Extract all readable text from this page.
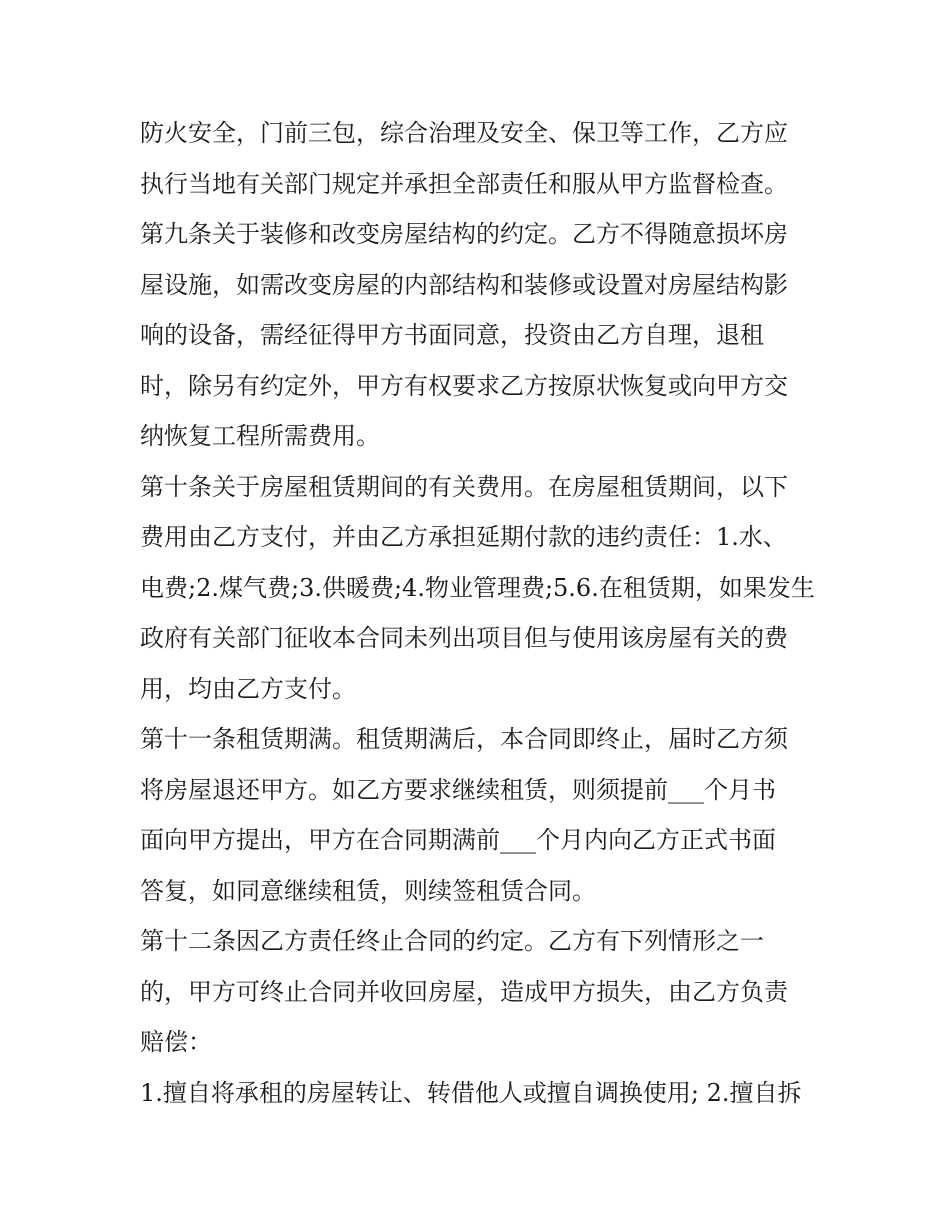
防火安全，门前三包，综合治理及安全、保卫等工作，乙方应
执行当地有关部门规定并承担全部责任和服从甲方监督检查。
第九条关于装修和改变房屋结构的约定。乙方不得随意损坏房
屋设施，如需改变房屋的内部结构和装修或设置对房屋结构影
响的设备，需经征得甲方书面同意，投资由乙方自理，退租
时，除另有约定外，甲方有权要求乙方按原状恢复或向甲方交
纳恢复工程所需费用。
第十条关于房屋租赁期间的有关费用。在房屋租赁期间，以下
费用由乙方支付，并由乙方承担延期付款的违约责任：1.水、
电费;2.煤气费;3.供暖费;4.物业管理费;5.6.在租赁期，如果发生
政府有关部门征收本合同未列出项目但与使用该房屋有关的费
用，均由乙方支付。
第十一条租赁期满。租赁期满后，本合同即终止，届时乙方须
将房屋退还甲方。如乙方要求继续租赁，则须提前___个月书
面向甲方提出，甲方在合同期满前___个月内向乙方正式书面
答复，如同意继续租赁，则续签租赁合同。
第十二条因乙方责任终止合同的约定。乙方有下列情形之一
的，甲方可终止合同并收回房屋，造成甲方损失，由乙方负责
赔偿：
1.擅自将承租的房屋转让、转借他人或擅自调换使用; 2.擅自拆
